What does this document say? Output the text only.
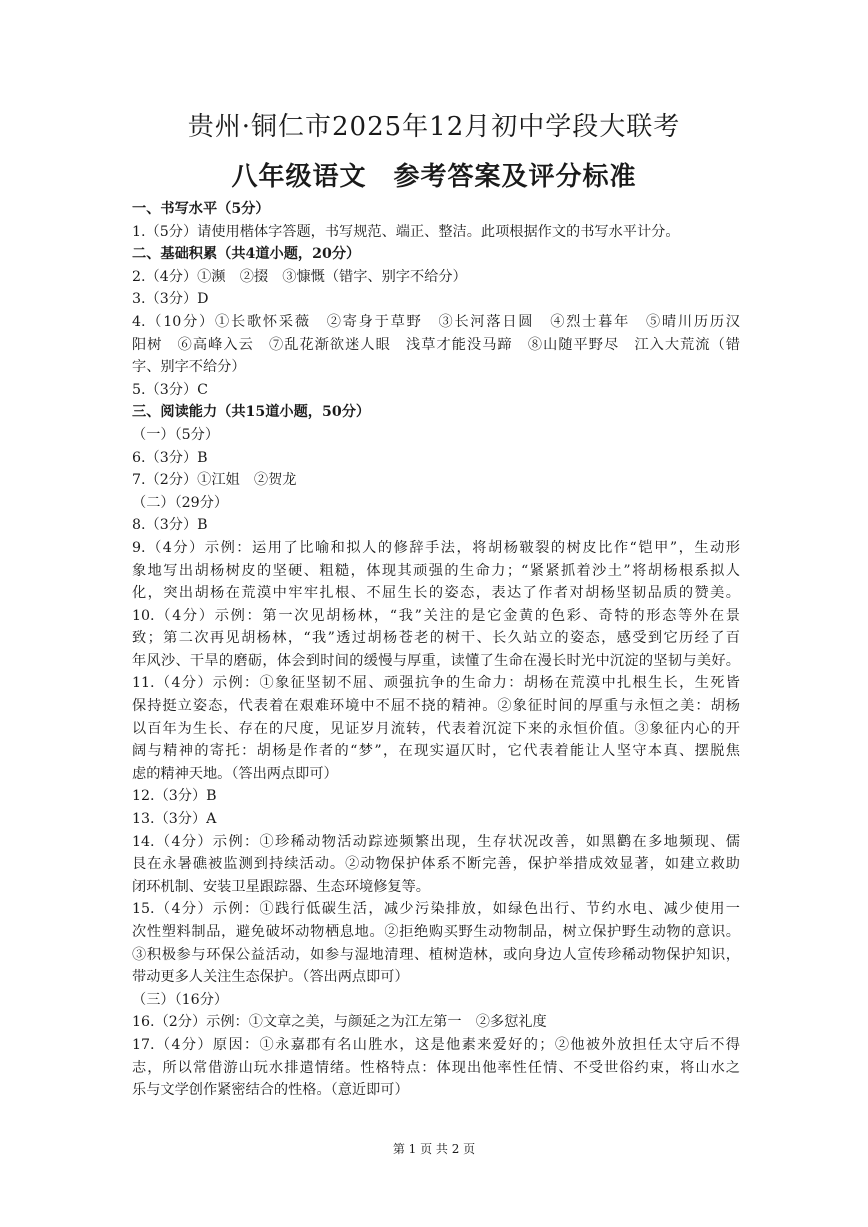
贵州·铜仁市2025年12月初中学段大联考
八年级语文　参考答案及评分标准
一、书写水平（5分）
1.（5分）请使用楷体字答题，书写规范、端正、整洁。此项根据作文的书写水平计分。
二、基础积累（共4道小题，20分）
2.（4分）①濒　②掇　③慷慨（错字、别字不给分）
3.（3分）D
4.（10分）①长歌怀采薇　②寄身于草野　③长河落日圆　④烈士暮年　⑤晴川历历汉
阳树　⑥高峰入云　⑦乱花渐欲迷人眼　浅草才能没马蹄　⑧山随平野尽　江入大荒流（错
字、别字不给分）
5.（3分）C
三、阅读能力（共15道小题，50分）
（一）（5分）
6.（3分）B
7.（2分）①江姐　②贺龙
（二）（29分）
8.（3分）B
9.（4分）示例：运用了比喻和拟人的修辞手法，将胡杨皲裂的树皮比作“铠甲”，生动形
象地写出胡杨树皮的坚硬、粗糙，体现其顽强的生命力；“紧紧抓着沙土”将胡杨根系拟人
化，突出胡杨在荒漠中牢牢扎根、不屈生长的姿态，表达了作者对胡杨坚韧品质的赞美。
10.（4分）示例：第一次见胡杨林，“我”关注的是它金黄的色彩、奇特的形态等外在景
致；第二次再见胡杨林，“我”透过胡杨苍老的树干、长久站立的姿态，感受到它历经了百
年风沙、干旱的磨砺，体会到时间的缓慢与厚重，读懂了生命在漫长时光中沉淀的坚韧与美好。
11.（4分）示例：①象征坚韧不屈、顽强抗争的生命力：胡杨在荒漠中扎根生长，生死皆
保持挺立姿态，代表着在艰难环境中不屈不挠的精神。②象征时间的厚重与永恒之美：胡杨
以百年为生长、存在的尺度，见证岁月流转，代表着沉淀下来的永恒价值。③象征内心的开
阔与精神的寄托：胡杨是作者的“梦”，在现实逼仄时，它代表着能让人坚守本真、摆脱焦
虑的精神天地。（答出两点即可）
12.（3分）B
13.（3分）A
14.（4分）示例：①珍稀动物活动踪迹频繁出现，生存状况改善，如黑鹳在多地频现、儒
艮在永暑礁被监测到持续活动。②动物保护体系不断完善，保护举措成效显著，如建立救助
闭环机制、安装卫星跟踪器、生态环境修复等。
15.（4分）示例：①践行低碳生活，减少污染排放，如绿色出行、节约水电、减少使用一
次性塑料制品，避免破坏动物栖息地。②拒绝购买野生动物制品，树立保护野生动物的意识。
③积极参与环保公益活动，如参与湿地清理、植树造林，或向身边人宣传珍稀动物保护知识，
带动更多人关注生态保护。（答出两点即可）
（三）（16分）
16.（2分）示例：①文章之美，与颜延之为江左第一　②多愆礼度
17.（4分）原因：①永嘉郡有名山胜水，这是他素来爱好的；②他被外放担任太守后不得
志，所以常借游山玩水排遣情绪。性格特点：体现出他率性任情、不受世俗约束，将山水之
乐与文学创作紧密结合的性格。（意近即可）
第 1 页 共 2 页
